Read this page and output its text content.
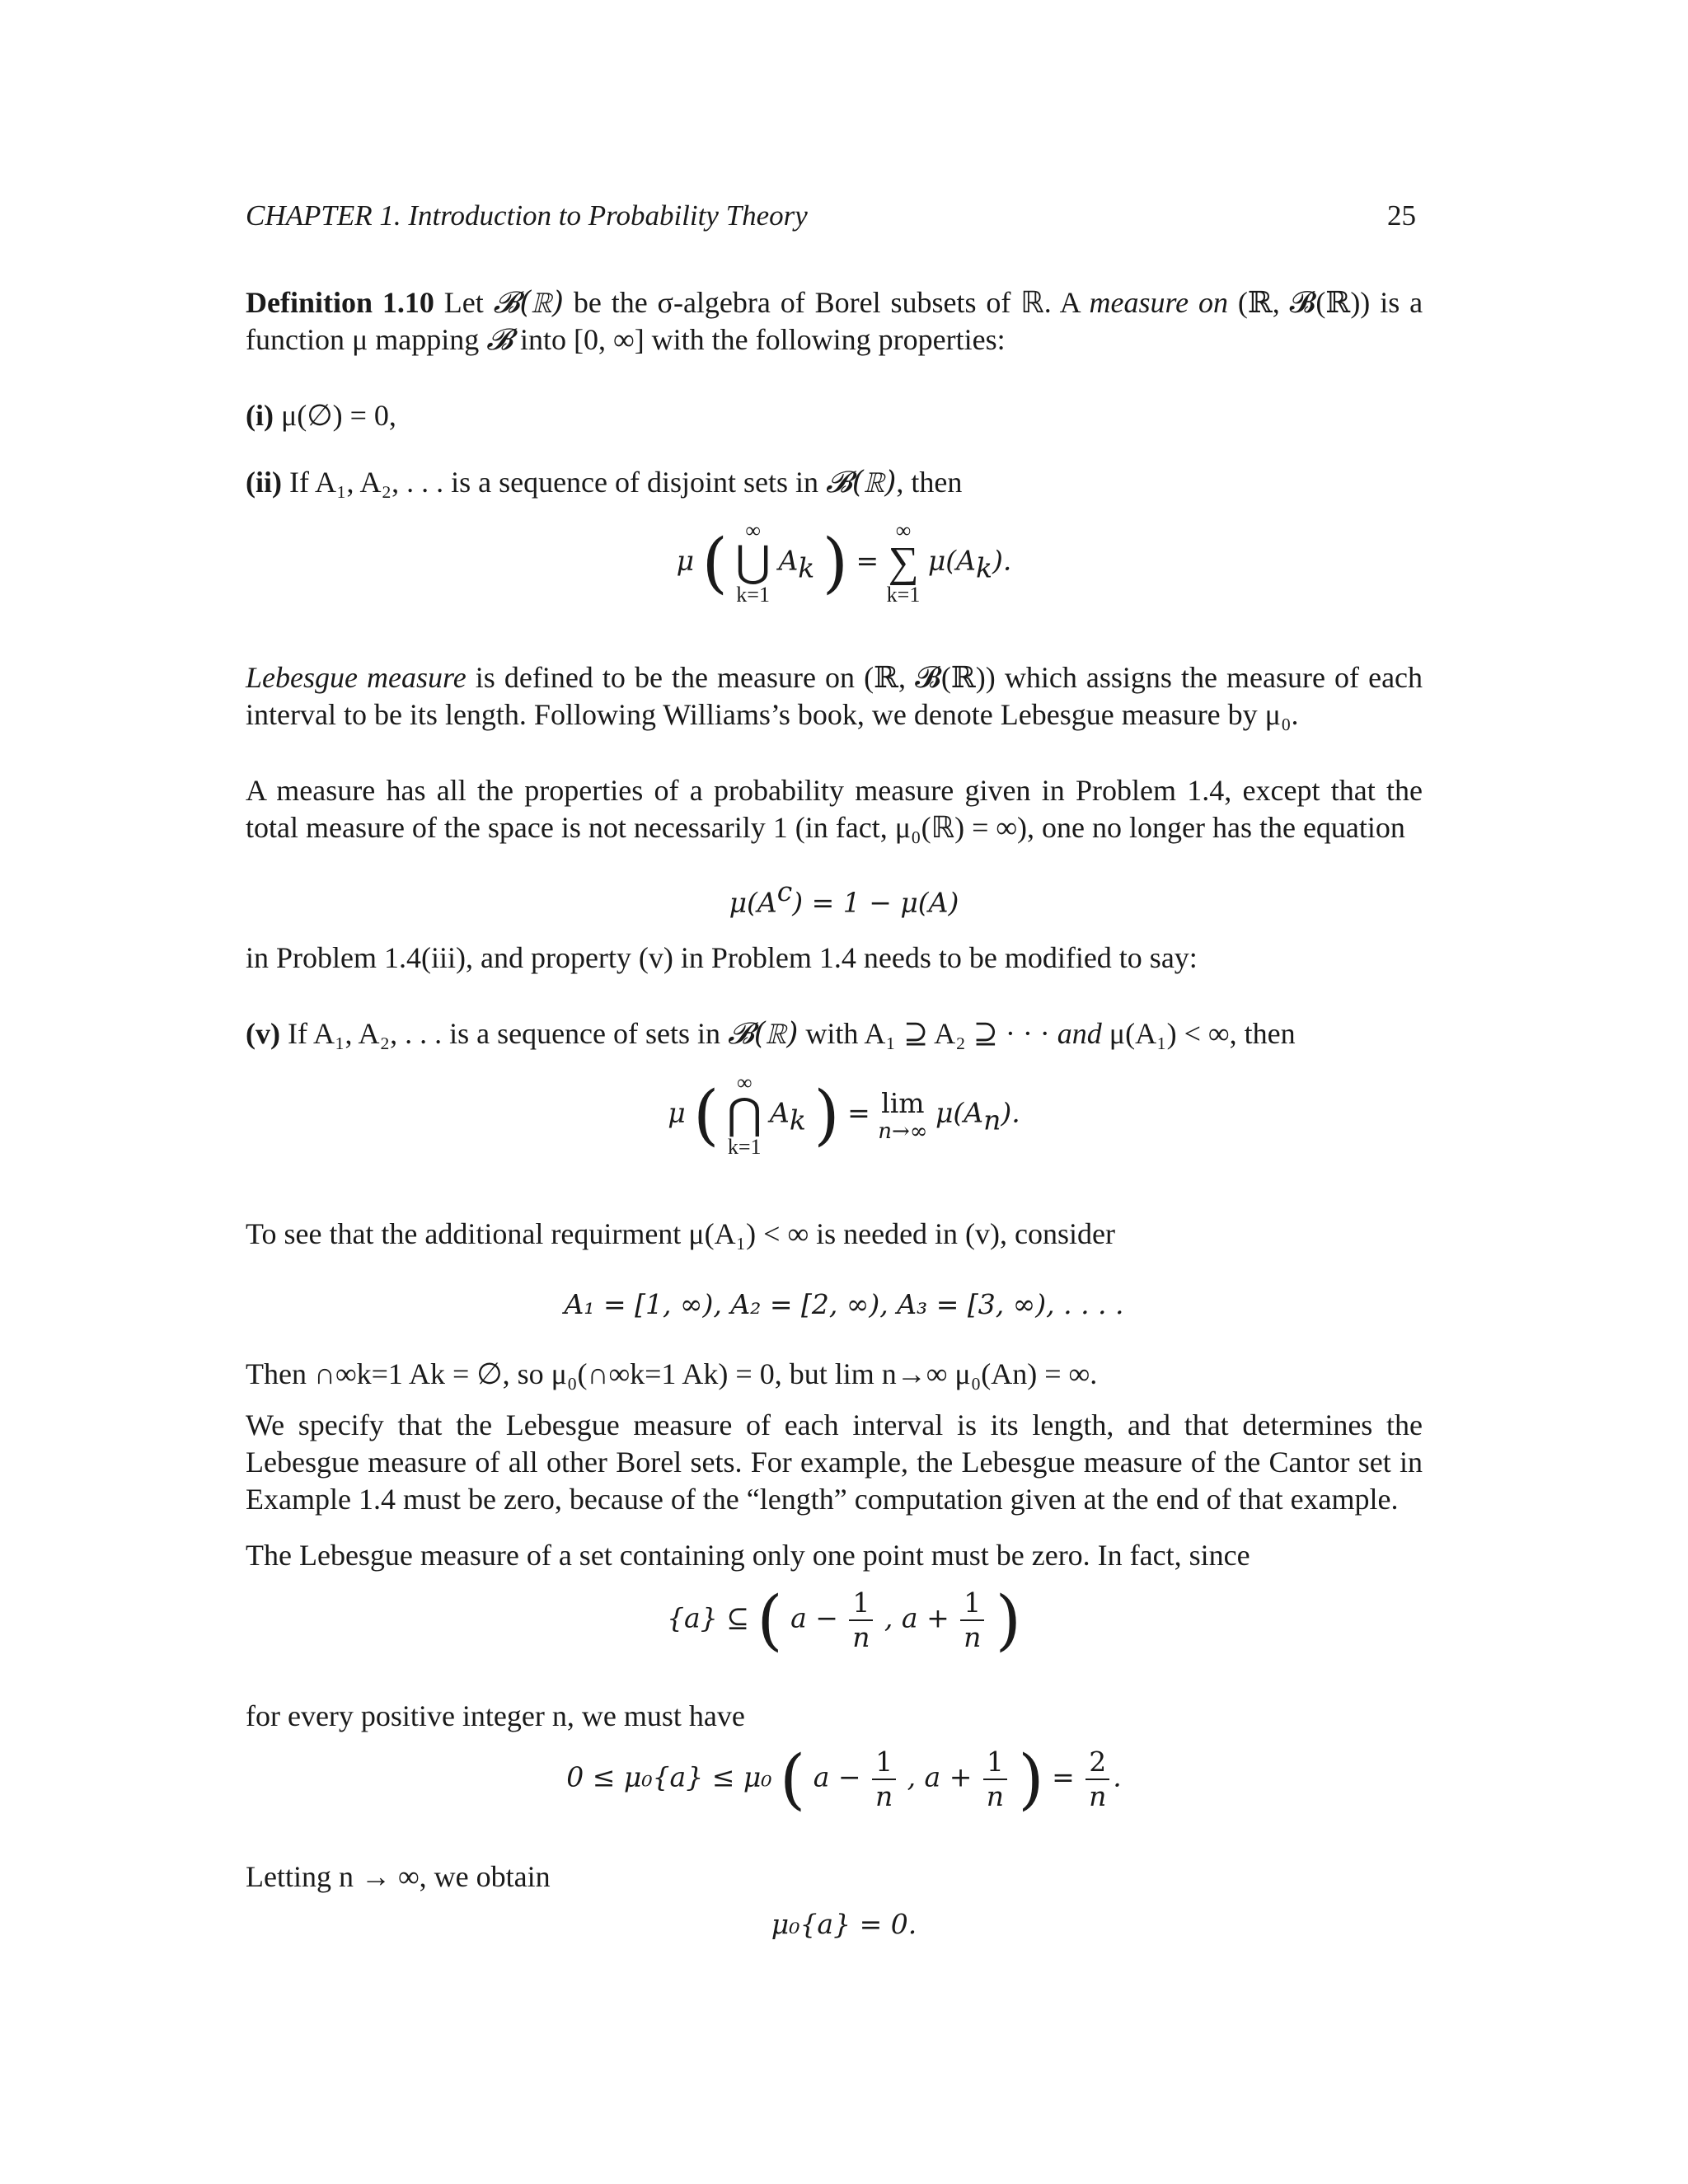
CHAPTER 1. Introduction to Probability Theory	25
Definition 1.10 Let 𝓑(ℝ) be the σ-algebra of Borel subsets of ℝ. A measure on (ℝ, 𝓑(ℝ)) is a function μ mapping 𝓑 into [0, ∞] with the following properties:
(i) μ(∅) = 0,
(ii) If A₁, A₂, . . . is a sequence of disjoint sets in 𝓑(ℝ), then
μ ( ∞
⋃
k=1
$A_k$ ) =
∞
∑
k=1
$\mu(A_k)$.
Lebesgue measure is defined to be the measure on (ℝ, 𝓑(ℝ)) which assigns the measure of each interval to be its length. Following Williams’s book, we denote Lebesgue measure by μ₀.
A measure has all the properties of a probability measure given in Problem 1.4, except that the total measure of the space is not necessarily 1 (in fact, μ₀(ℝ) = ∞), one no longer has the equation
$\mu(A^c) = 1 - \mu(A)$
in Problem 1.4(iii), and property (v) in Problem 1.4 needs to be modified to say:
(v) If A₁, A₂, . . . is a sequence of sets in 𝓑(ℝ) with A₁ ⊇ A₂ ⊇ · · · and μ(A₁) < ∞, then
μ ( ∞
⋂
k=1
$A_k$ ) = lim
n→∞
$\mu(A_n)$.
To see that the additional requirment μ(A₁) < ∞ is needed in (v), consider
A₁ = [1, ∞), A₂ = [2, ∞), A₃ = [3, ∞), . . . .
Then ∩∞k=1 Ak = ∅, so μ₀(∩∞k=1 Ak) = 0, but lim n→∞ μ₀(An) = ∞.
We specify that the Lebesgue measure of each interval is its length, and that determines the Lebesgue measure of all other Borel sets. For example, the Lebesgue measure of the Cantor set in Example 1.4 must be zero, because of the “length” computation given at the end of that example.
The Lebesgue measure of a set containing only one point must be zero. In fact, since
{a} ⊆ ( $a - \frac{1}{n}$ , $a + \frac{1}{n}$ )
for every positive integer n, we must have
0 ≤ μ₀{a} ≤ μ₀ ( $a - \frac{1}{n}$ , $a + \frac{1}{n}$ ) = $\frac{2}{n}$ .
Letting n → ∞, we obtain
μ₀{a} = 0.
